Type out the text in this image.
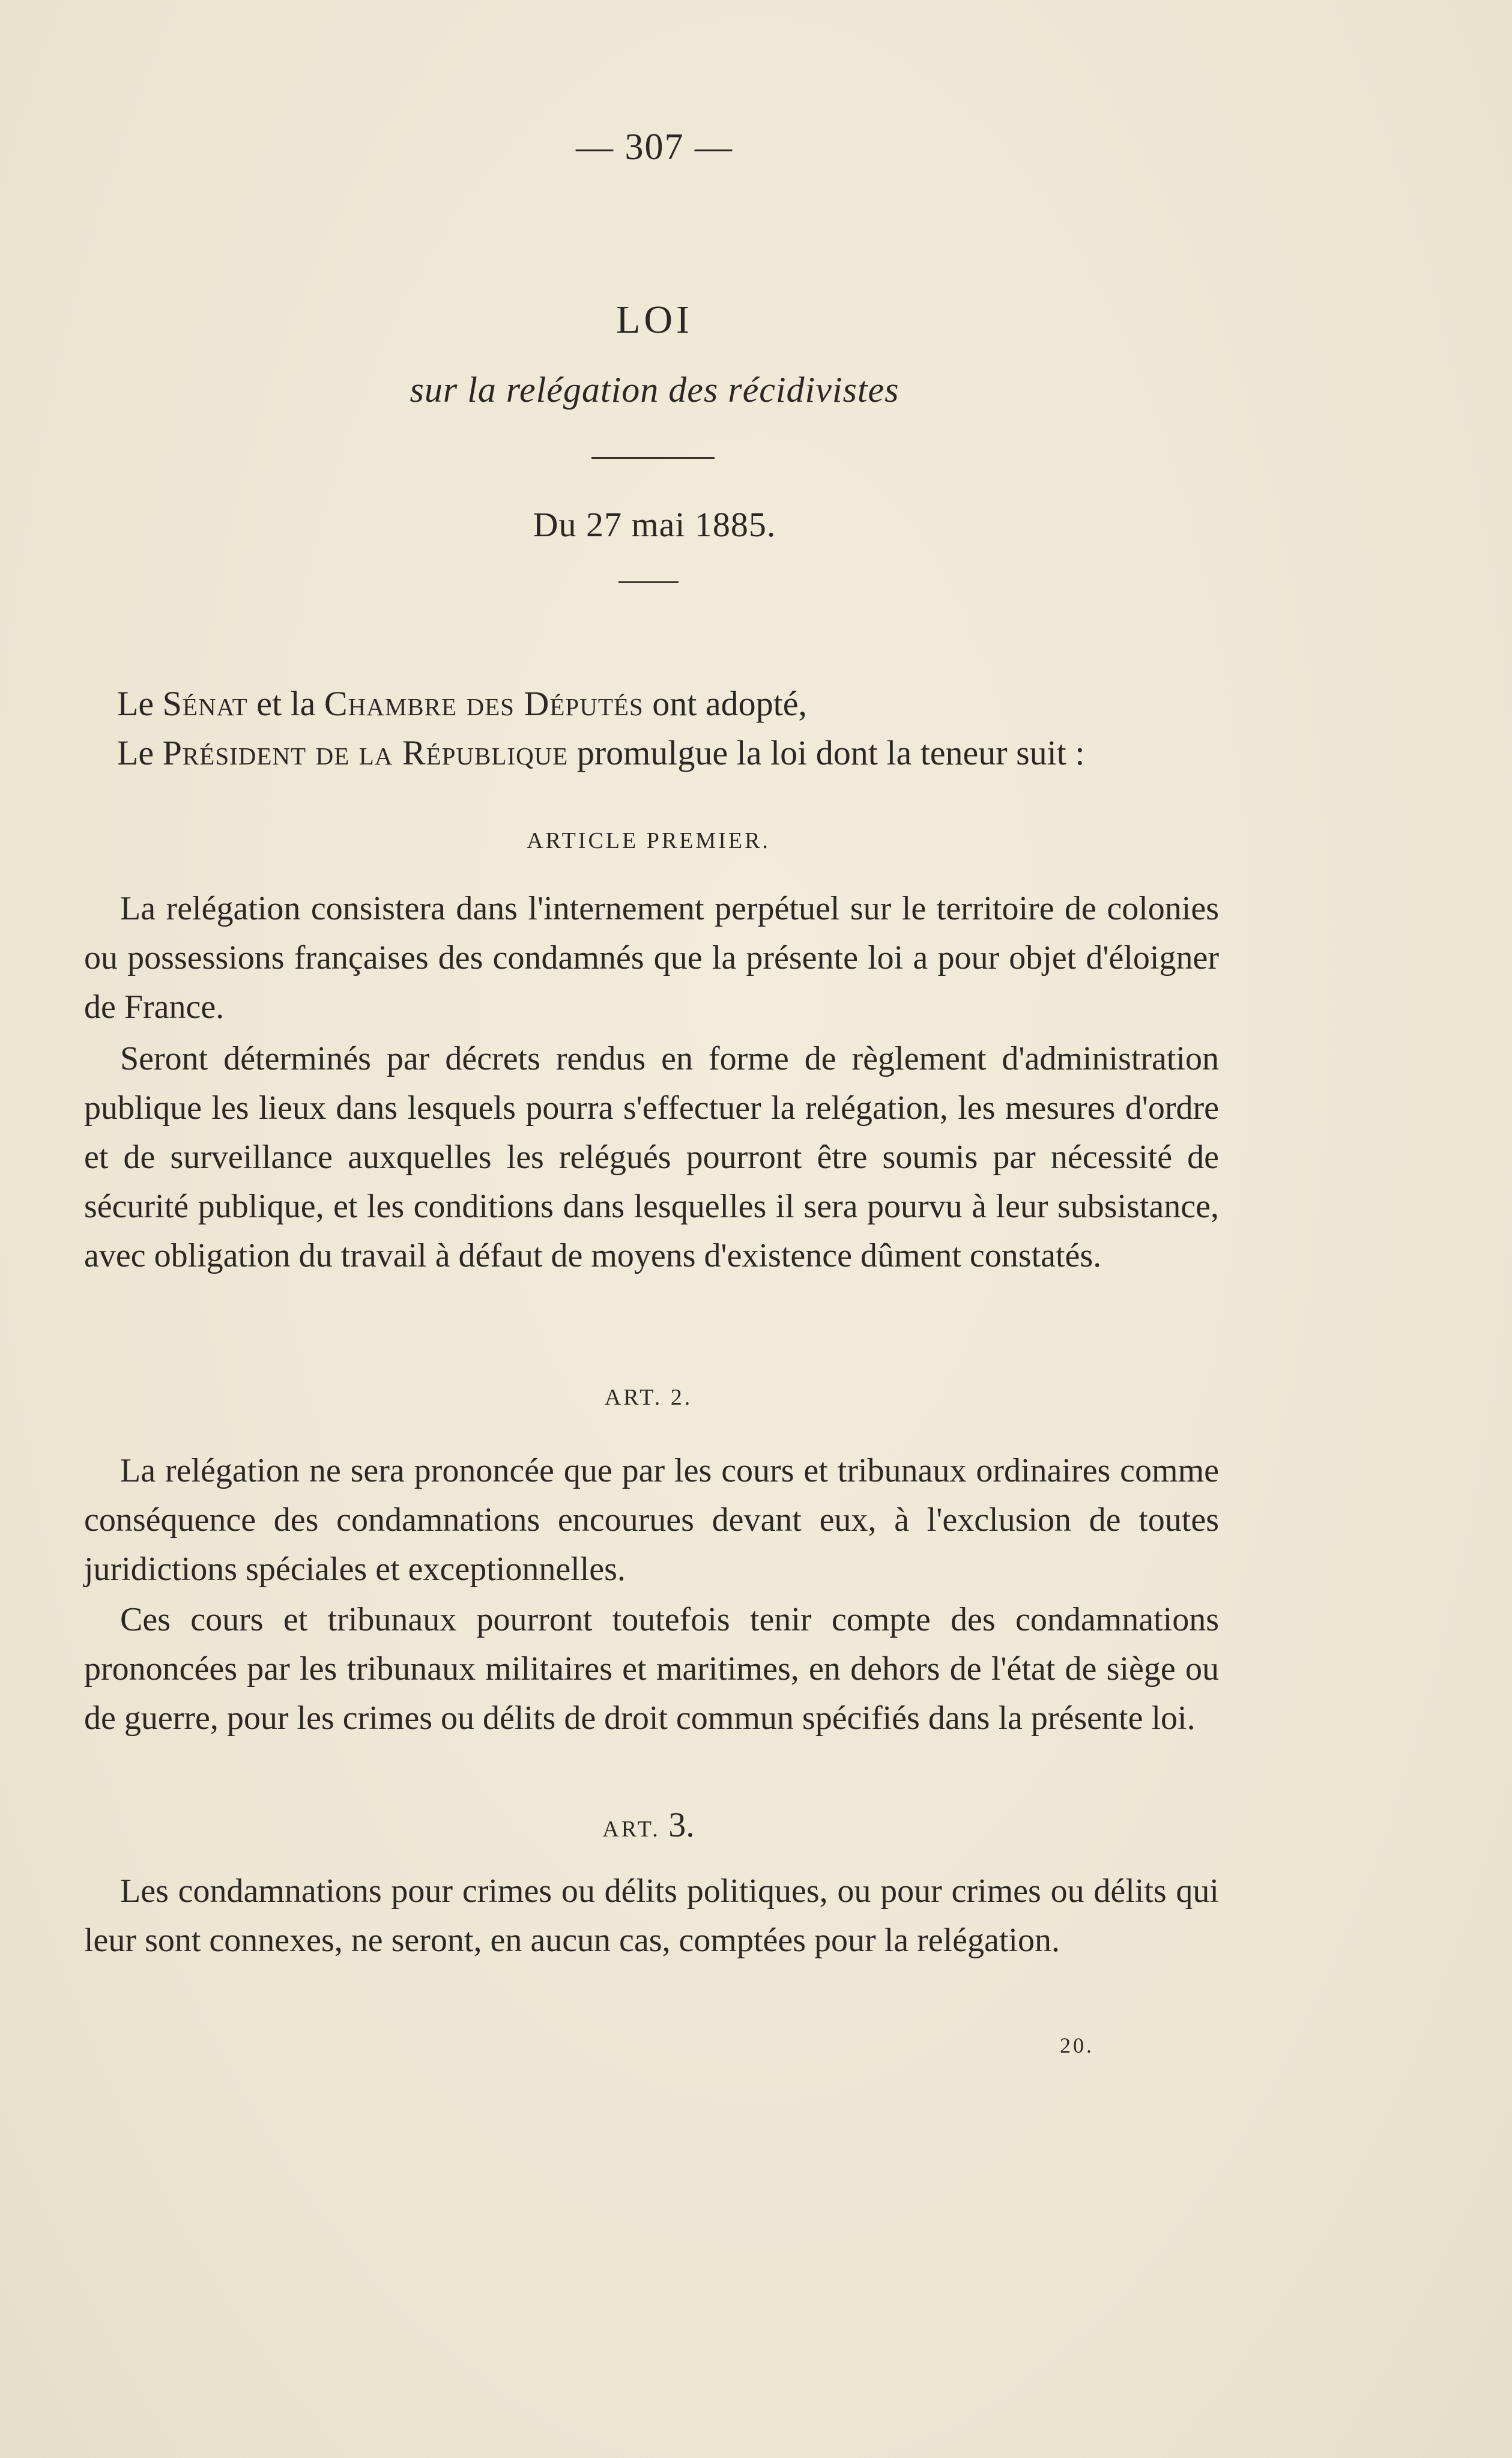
— 307 —
LOI
sur la relégation des récidivistes
Du 27 mai 1885.
Le Sénat et la Chambre des Députés ont adopté,
Le Président de la République promulgue la loi dont la teneur suit :
ARTICLE PREMIER.

La relégation consistera dans l'internement perpétuel sur le territoire de colonies ou possessions françaises des condamnés que la présente loi a pour objet d'éloigner de France.

Seront déterminés par décrets rendus en forme de règlement d'administration publique les lieux dans lesquels pourra s'effectuer la relégation, les mesures d'ordre et de surveillance auxquelles les relégués pourront être soumis par nécessité de sécurité publique, et les conditions dans lesquelles il sera pourvu à leur subsistance, avec obligation du travail à défaut de moyens d'existence dûment constatés.

ART. 2.

La relégation ne sera prononcée que par les cours et tribunaux ordinaires comme conséquence des condamnations encourues devant eux, à l'exclusion de toutes juridictions spéciales et exceptionnelles.

Ces cours et tribunaux pourront toutefois tenir compte des condamnations prononcées par les tribunaux militaires et maritimes, en dehors de l'état de siège ou de guerre, pour les crimes ou délits de droit commun spécifiés dans la présente loi.

ART. 3.

Les condamnations pour crimes ou délits politiques, ou pour crimes ou délits qui leur sont connexes, ne seront, en aucun cas, comptées pour la relégation.

20.
